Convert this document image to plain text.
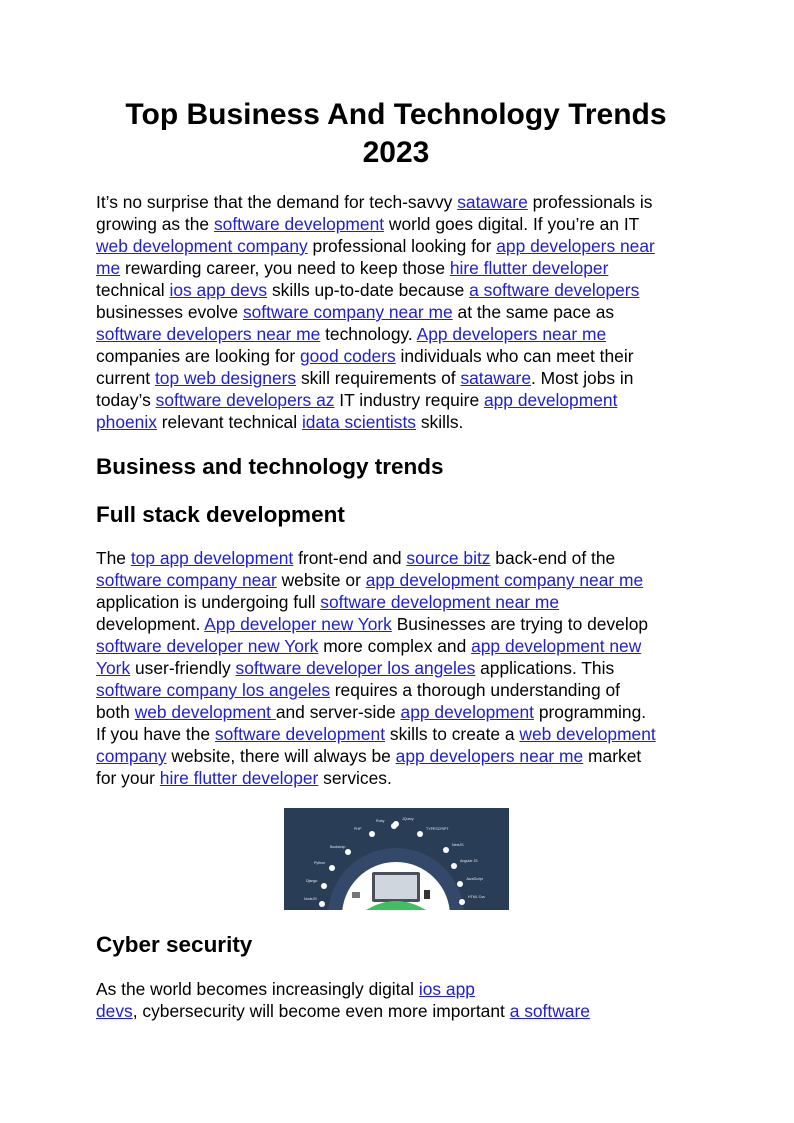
Top Business And Technology Trends
2023

It’s no surprise that the demand for tech-savvy sataware professionals is
growing as the software development world goes digital. If you’re an IT
web development company professional looking for app developers near
me rewarding career, you need to keep those hire flutter developer
technical ios app devs skills up-to-date because a software developers
businesses evolve software company near me at the same pace as
software developers near me technology. App developers near me
companies are looking for good coders individuals who can meet their
current top web designers skill requirements of sataware. Most jobs in
today’s software developers az IT industry require app development
phoenix relevant technical idata scientists skills.

Business and technology trends
Full stack development

The top app development front-end and source bitz back-end of the
software company near website or app development company near me
application is undergoing full software development near me
development. App developer new York Businesses are trying to develop
software developer new York more complex and app development new
York user-friendly software developer los angeles applications. This
software company los angeles requires a thorough understanding of
both web development and server-side app development programming.
If you have the software development skills to create a web development
company website, there will always be app developers near me market
for your hire flutter developer services.

Cyber security

As the world becomes increasingly digital ios app
devs, cybersecurity will become even more important a software

Ruby	JQuery
PHP	TYPESCRIPT
Bootstrap	NextJS
Python	Angular JS
Django	JavaScript
NodeJS	HTML Css
